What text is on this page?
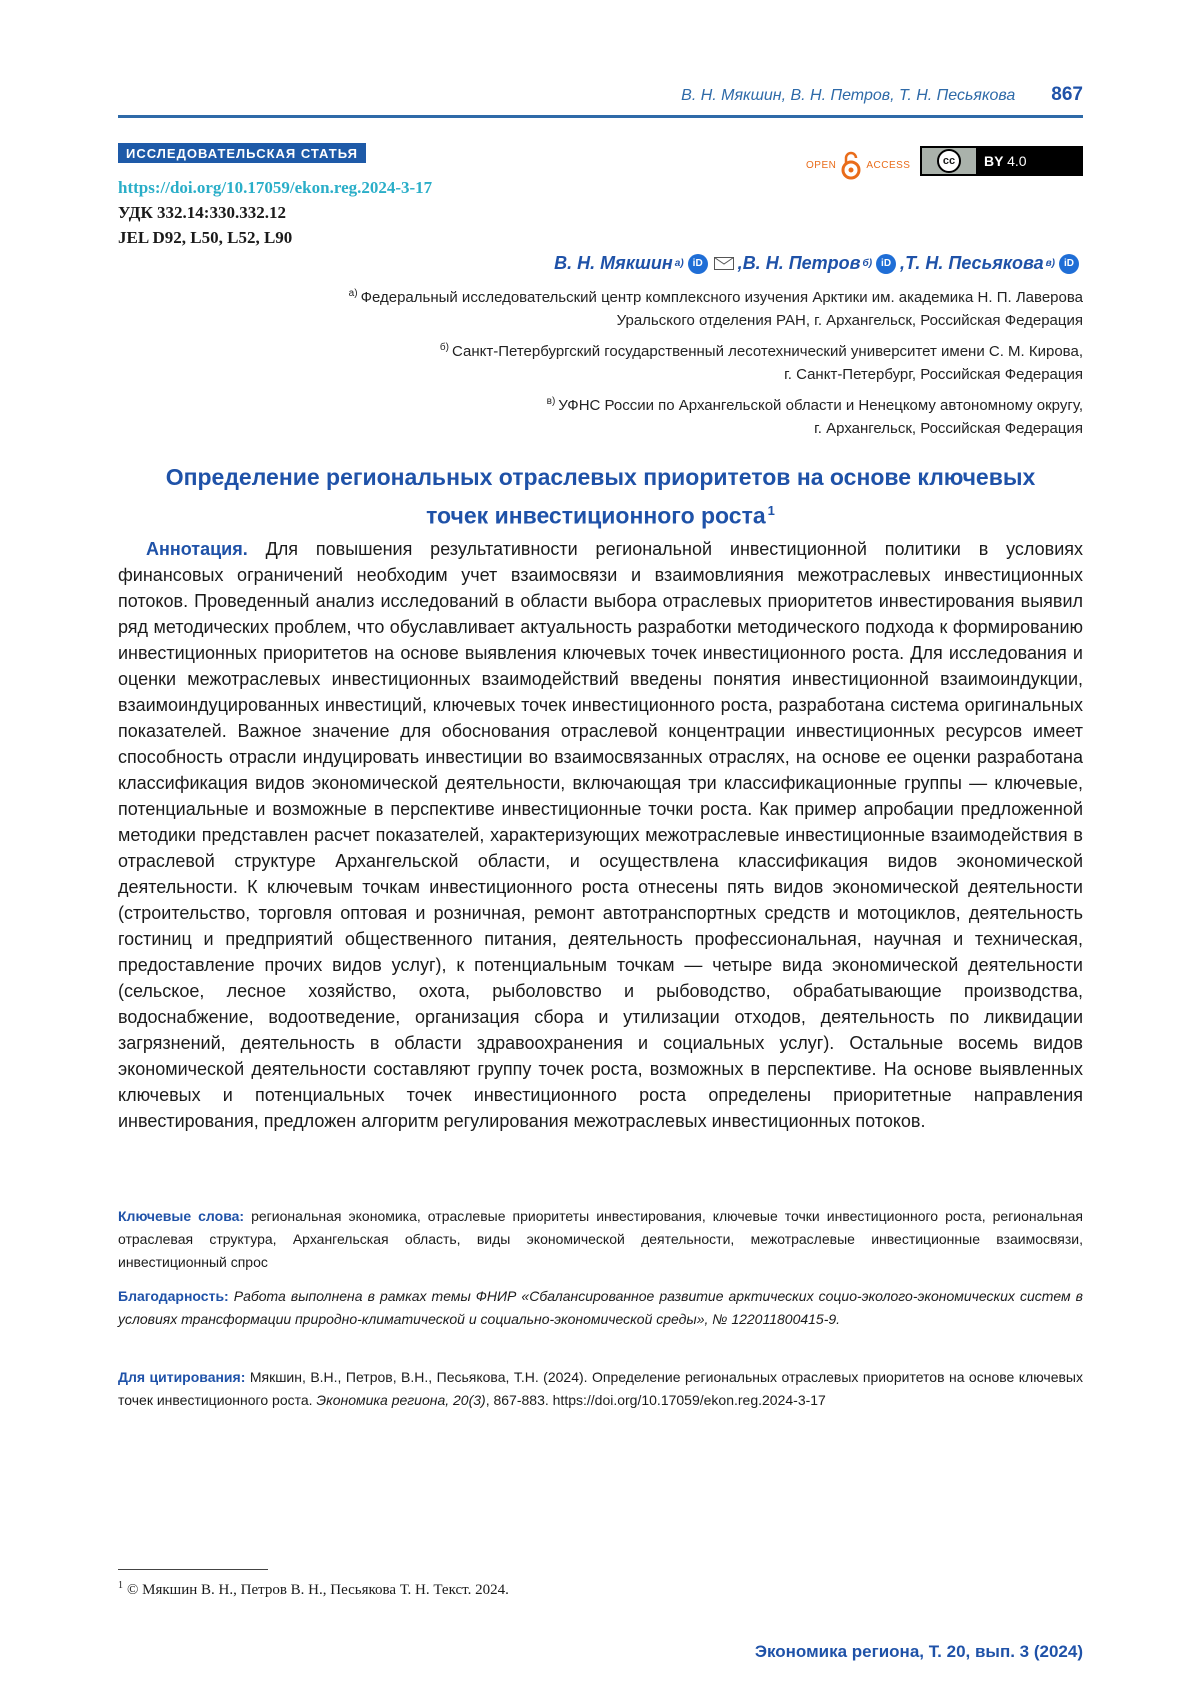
В. Н. Мякшин, В. Н. Петров, Т. Н. Песьякова 867
ИССЛЕДОВАТЕЛЬСКАЯ СТАТЬЯ
https://doi.org/10.17059/ekon.reg.2024-3-17
УДК 332.14:330.332.12
JEL D92, L50, L52, L90
OPEN	ACCESS	cc	BY 4.0
В. Н. Мякшин а) iD , В. Н. Петров б) iD , Т. Н. Песьякова в) iD
$^{а)}$ Федеральный исследовательский центр комплексного изучения Арктики им. академика Н. П. Лаверова
Уральского отделения РАН, г. Архангельск, Российская Федерация
$^{б)}$ Санкт-Петербургский государственный лесотехнический университет имени С. М. Кирова,
г. Санкт-Петербург, Российская Федерация
$^{в)}$ УФНС России по Архангельской области и Ненецкому автономному округу,
г. Архангельск, Российская Федерация
Определение региональных отраслевых приоритетов на основе ключевых
точек инвестиционного роста $^1$

Аннотация. Для повышения результативности региональной инвестиционной политики в условиях финансовых ограничений необходим учет взаимосвязи и взаимовлияния межотраслевых инвестиционных потоков. Проведенный анализ исследований в области выбора отраслевых приоритетов инвестирования выявил ряд методических проблем, что обуславливает актуальность разработки методического подхода к формированию инвестиционных приоритетов на основе выявления ключевых точек инвестиционного роста. Для исследования и оценки межотраслевых инвестиционных взаимодействий введены понятия инвестиционной взаимоиндукции, взаимоиндуцированных инвестиций, ключевых точек инвестиционного роста, разработана система оригинальных показателей. Важное значение для обоснования отраслевой концентрации инвестиционных ресурсов имеет способность отрасли индуцировать инвестиции во взаимосвязанных отраслях, на основе ее оценки разработана классификация видов экономической деятельности, включающая три классификационные группы — ключевые, потенциальные и возможные в перспективе инвестиционные точки роста. Как пример апробации предложенной методики представлен расчет показателей, характеризующих межотраслевые инвестиционные взаимодействия в отраслевой структуре Архангельской области, и осуществлена классификация видов экономической деятельности. К ключевым точкам инвестиционного роста отнесены пять видов экономической деятельности (строительство, торговля оптовая и розничная, ремонт автотранспортных средств и мотоциклов, деятельность гостиниц и предприятий общественного питания, деятельность профессиональная, научная и техническая, предоставление прочих видов услуг), к потенциальным точкам — четыре вида экономической деятельности (сельское, лесное хозяйство, охота, рыболовство и рыбоводство, обрабатывающие производства, водоснабжение, водоотведение, организация сбора и утилизации отходов, деятельность по ликвидации загрязнений, деятельность в области здравоохранения и социальных услуг). Остальные восемь видов экономической деятельности составляют группу точек роста, возможных в перспективе. На основе выявленных ключевых и потенциальных точек инвестиционного роста определены приоритетные направления инвестирования, предложен алгоритм регулирования межотраслевых инвестиционных потоков.

Ключевые слова: региональная экономика, отраслевые приоритеты инвестирования, ключевые точки инвестиционного роста, региональная отраслевая структура, Архангельская область, виды экономической деятельности, межотраслевые инвестиционные взаимосвязи, инвестиционный спрос

Благодарность: Работа выполнена в рамках темы ФНИР «Сбалансированное развитие арктических социо-эколого-экономических систем в условиях трансформации природно-климатической и социально-экономической среды», № 122011800415-9.

Для цитирования: Мякшин, В.Н., Петров, В.Н., Песьякова, Т.Н. (2024). Определение региональных отраслевых приоритетов на основе ключевых точек инвестиционного роста. Экономика региона, 20(3), 867-883. https://doi.org/10.17059/ekon.reg.2024-3-17

$^1$ © Мякшин В. Н., Петров В. Н., Песьякова Т. Н. Текст. 2024.
Экономика региона, Т. 20, вып. 3 (2024)
